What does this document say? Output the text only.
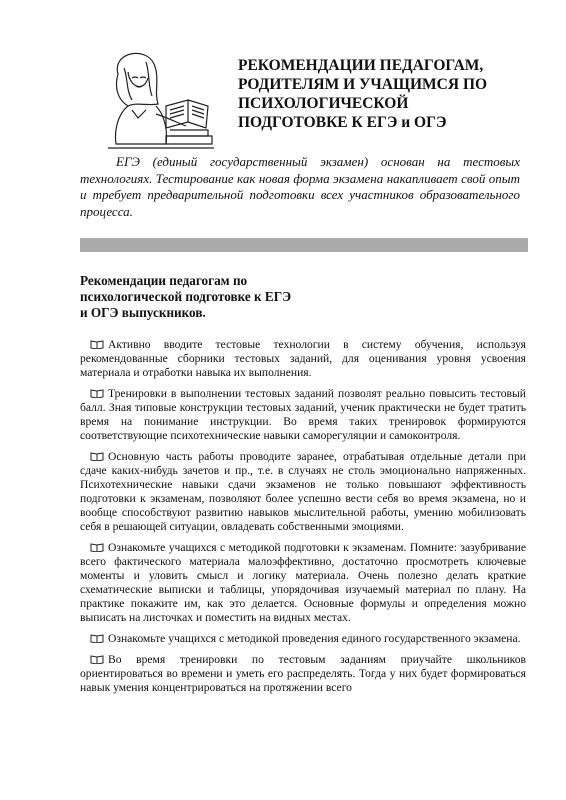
РЕКОМЕНДАЦИИ ПЕДАГОГАМ,
РОДИТЕЛЯМ И УЧАЩИМСЯ ПО
ПСИХОЛОГИЧЕСКОЙ
ПОДГОТОВКЕ К ЕГЭ и ОГЭ
ЕГЭ (единый государственный экзамен) основан на тестовых технологиях. Тестирование как новая форма экзамена накапливает свой опыт и требует предварительной подготовки всех участников образовательного процесса.
Рекомендации педагогам по
психологической подготовке к ЕГЭ
и ОГЭ выпускников.

Активно вводите тестовые технологии в систему обучения, используя рекомендованные сборники тестовых заданий, для оценивания уровня усвоения материала и отработки навыка их выполнения.

Тренировки в выполнении тестовых заданий позволят реально повысить тестовый балл. Зная типовые конструкции тестовых заданий, ученик практически не будет тратить время на понимание инструкции. Во время таких тренировок формируются соответствующие психотехнические навыки саморегуляции и самоконтроля.

Основную часть работы проводите заранее, отрабатывая отдельные детали при сдаче каких-нибудь зачетов и пр., т.е. в случаях не столь эмоционально напряженных. Психотехнические навыки сдачи экзаменов не только повышают эффективность подготовки к экзаменам, позволяют более успешно вести себя во время экзамена, но и вообще способствуют развитию навыков мыслительной работы, умению мобилизовать себя в решающей ситуации, овладевать собственными эмоциями.

Ознакомьте учащихся с методикой подготовки к экзаменам. Помните: зазубривание всего фактического материала малоэффективно, достаточно просмотреть ключевые моменты и уловить смысл и логику материала. Очень полезно делать краткие схематические выписки и таблицы, упорядочивая изучаемый материал по плану. На практике покажите им, как это делается. Основные формулы и определения можно выписать на листочках и поместить на видных местах.

Ознакомьте учащихся с методикой проведения единого государственного экзамена.

Во время тренировки по тестовым заданиям приучайте школьников ориентироваться во времени и уметь его распределять. Тогда у них будет формироваться навык умения концентрироваться на протяжении всего
